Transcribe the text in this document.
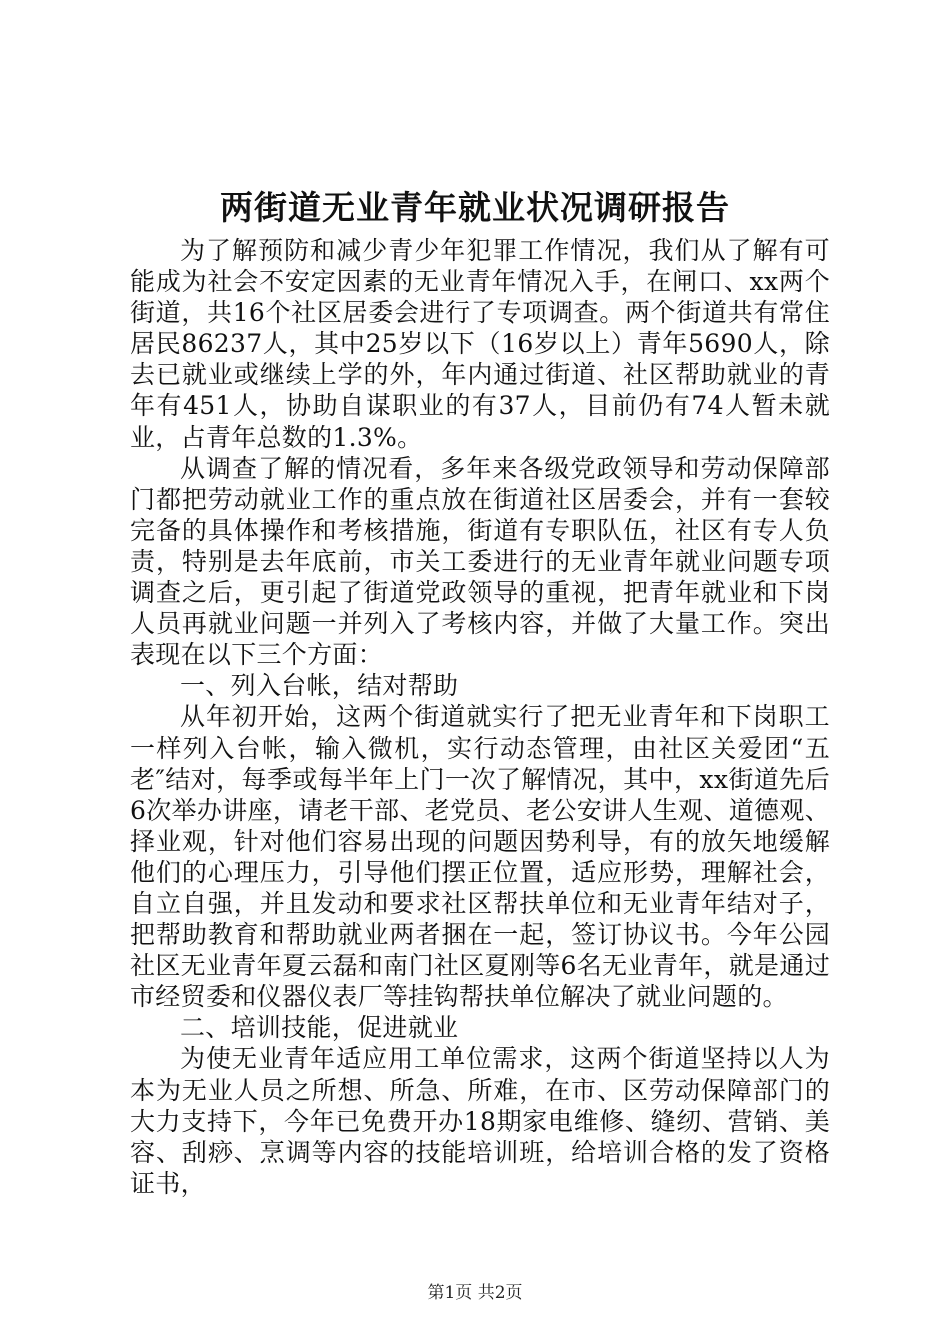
两街道无业青年就业状况调研报告

为了解预防和减少青少年犯罪工作情况，我们从了解有可能成为社会不安定因素的无业青年情况入手，在闸口、xx两个街道，共16个社区居委会进行了专项调查。两个街道共有常住居民86237人，其中25岁以下（16岁以上）青年5690人，除去已就业或继续上学的外，年内通过街道、社区帮助就业的青年有451人，协助自谋职业的有37人，目前仍有74人暂未就业，占青年总数的1.3%。

从调查了解的情况看，多年来各级党政领导和劳动保障部门都把劳动就业工作的重点放在街道社区居委会，并有一套较完备的具体操作和考核措施，街道有专职队伍，社区有专人负责，特别是去年底前，市关工委进行的无业青年就业问题专项调查之后，更引起了街道党政领导的重视，把青年就业和下岗人员再就业问题一并列入了考核内容，并做了大量工作。突出表现在以下三个方面：

一、列入台帐，结对帮助

从年初开始，这两个街道就实行了把无业青年和下岗职工一样列入台帐，输入微机，实行动态管理，由社区关爱团“五老″结对，每季或每半年上门一次了解情况，其中，xx街道先后6次举办讲座，请老干部、老党员、老公安讲人生观、道德观、择业观，针对他们容易出现的问题因势利导，有的放矢地缓解他们的心理压力，引导他们摆正位置，适应形势，理解社会，自立自强，并且发动和要求社区帮扶单位和无业青年结对子，把帮助教育和帮助就业两者捆在一起，签订协议书。今年公园社区无业青年夏云磊和南门社区夏刚等6名无业青年，就是通过市经贸委和仪器仪表厂等挂钩帮扶单位解决了就业问题的。

二、培训技能，促进就业

为使无业青年适应用工单位需求，这两个街道坚持以人为本为无业人员之所想、所急、所难，在市、区劳动保障部门的大力支持下，今年已免费开办18期家电维修、缝纫、营销、美容、刮痧、烹调等内容的技能培训班，给培训合格的发了资格证书，

第1页 共2页
